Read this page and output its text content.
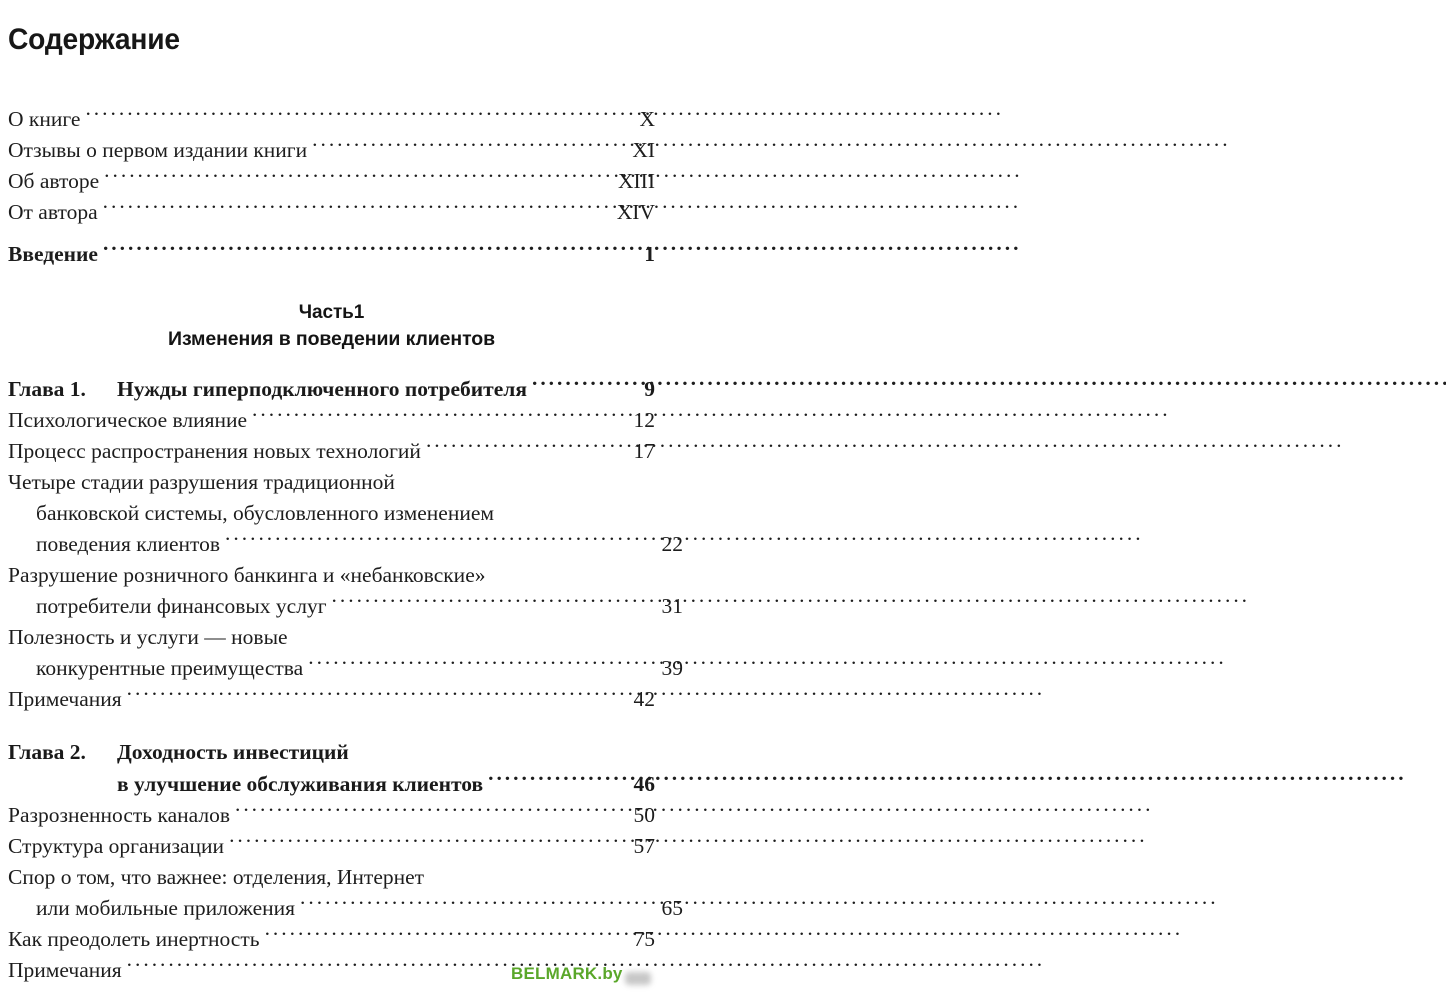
Содержание
О книге . . .	X
Отзывы о первом издании книги . . .	XI
Об авторе . . .	XIII
От автора . . .	XIV
Введение . . .	1
Часть1
Изменения в поведении клиентов
Глава 1.	Нужды гиперподключенного потребителя . . .	9
Психологическое влияние . . .	12
Процесс распространения новых технологий . . .	17
Четыре стадии разрушения традиционной
банковской системы, обусловленного изменением
поведения клиентов . . .	22
Разрушение розничного банкинга и «небанковские»
потребители финансовых услуг . . .	31
Полезность и услуги — новые
конкурентные преимущества . . .	39
Примечания . . .	42
Глава 2.	Доходность инвестиций
в улучшение обслуживания клиентов . . .	46
Разрозненность каналов . . .	50
Структура организации . . .	57
Спор о том, что важнее: отделения, Интернет
или мобильные приложения . . .	65
Как преодолеть инертность . . .	75
Примечания . . .	BELMARK.by
